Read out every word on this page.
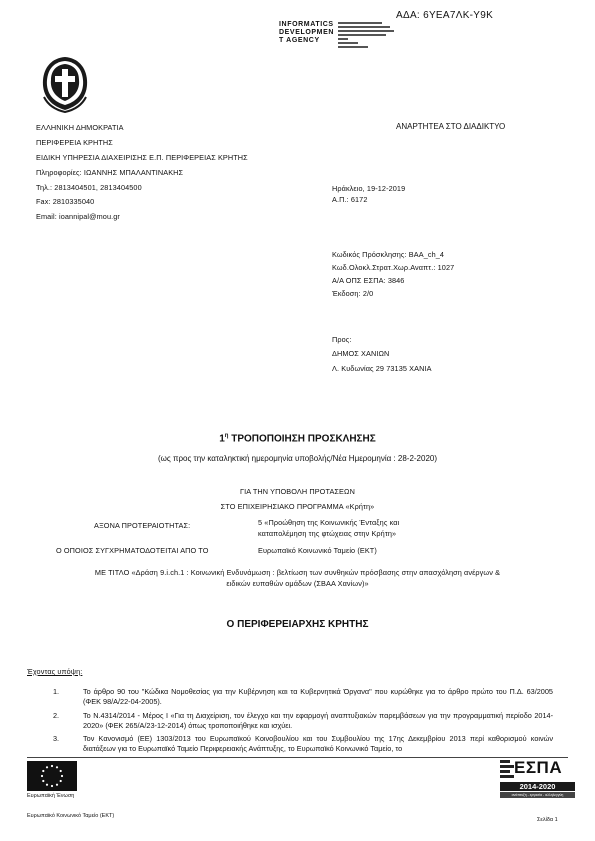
ΑΔΑ: 6ΥΕΑ7ΛΚ-Υ9Κ
INFORMATICS
DEVELOPMEN
T AGENCY
ΕΛΛΗΝΙΚΗ ΔΗΜΟΚΡΑΤΙΑ
ΠΕΡΙΦΕΡΕΙΑ ΚΡΗΤΗΣ
ΕΙΔΙΚΗ ΥΠΗΡΕΣΙΑ ΔΙΑΧΕΙΡΙΣΗΣ Ε.Π. ΠΕΡΙΦΕΡΕΙΑΣ ΚΡΗΤΗΣ
Πληροφορίες: ΙΩΑΝΝΗΣ ΜΠΑΛΑΝΤΙΝΑΚΗΣ
Τηλ.: 2813404501, 2813404500
Fax: 2810335040
Email: ioannipal@mou.gr
ΑΝΑΡΤΗΤΕΑ ΣΤΟ ΔΙΑΔΙΚΤΥΟ
Ηράκλειο, 19-12-2019
Α.Π.: 6172
Κωδικός Πρόσκλησης: ΒΑΑ_ch_4
Κωδ.Ολοκλ.Στρατ.Χωρ.Αναπτ.: 1027
Α/Α ΟΠΣ ΕΣΠΑ: 3846
Έκδοση: 2/0
Προς:
ΔΗΜΟΣ ΧΑΝΙΩΝ
Λ. Κυδωνίας 29 73135 ΧΑΝΙΑ
$1^\eta$ ΤΡΟΠΟΠΟΙΗΣΗ ΠΡΟΣΚΛΗΣΗΣ
(ως προς την καταληκτική ημερομηνία υποβολής/Νέα Ημερομηνία : 28-2-2020)
ΓΙΑ ΤΗΝ ΥΠΟΒΟΛΗ ΠΡΟΤΑΣΕΩΝ
ΣΤΟ ΕΠΙΧΕΙΡΗΣΙΑΚΟ ΠΡΟΓΡΑΜΜΑ «Κρήτη»
ΑΞΟΝΑ ΠΡΟΤΕΡΑΙΟΤΗΤΑΣ:	5 «Προώθηση της Κοινωνικής Ένταξης και
καταπολέμηση της φτώχειας στην Κρήτη»
Ο ΟΠΟΙΟΣ ΣΥΓΧΡΗΜΑΤΟΔΟΤΕΙΤΑΙ ΑΠΟ ΤΟ	Ευρωπαϊκό Κοινωνικό Ταμείο (ΕΚΤ)
ΜΕ ΤΙΤΛΟ «Δράση 9.i.ch.1 : Κοινωνική Ενδυνάμωση : βελτίωση των συνθηκών πρόσβασης στην απασχόληση ανέργων &
ειδικών ευπαθών ομάδων (ΣΒΑΑ Χανίων)»
Ο ΠΕΡΙΦΕΡΕΙΑΡΧΗΣ ΚΡΗΤΗΣ
Έχοντας υπόψη:
1.	Το άρθρο 90 του "Κώδικα Νομοθεσίας για την Κυβέρνηση και τα Κυβερνητικά Όργανα" που κυρώθηκε για το άρθρο πρώτο του Π.Δ. 63/2005 (ΦΕΚ 98/Α/22-04-2005).
2.	Το Ν.4314/2014 - Μέρος Ι «Για τη Διαχείριση, τον έλεγχο και την εφαρμογή αναπτυξιακών παρεμβάσεων για την προγραμματική περίοδο 2014-2020» (ΦΕΚ 265/Α/23-12-2014) όπως τροποποιήθηκε και ισχύει.
3.	Τον Κανονισμό (ΕΕ) 1303/2013 του Ευρωπαϊκού Κοινοβουλίου και του Συμβουλίου της 17ης Δεκεμβρίου 2013 περί καθορισμού κοινών διατάξεων για το Ευρωπαϊκό Ταμείο Περιφερειακής Ανάπτυξης, το Ευρωπαϊκό Κοινωνικό Ταμείο, το
Ευρωπαϊκή Ένωση
ΕΣΠΑ
2014-2020
ανάπτυξη - εργασία - αλληλεγγύη
Ευρωπαϊκό Κοινωνικό Ταμείο (ΕΚΤ)
Σελίδα 1
